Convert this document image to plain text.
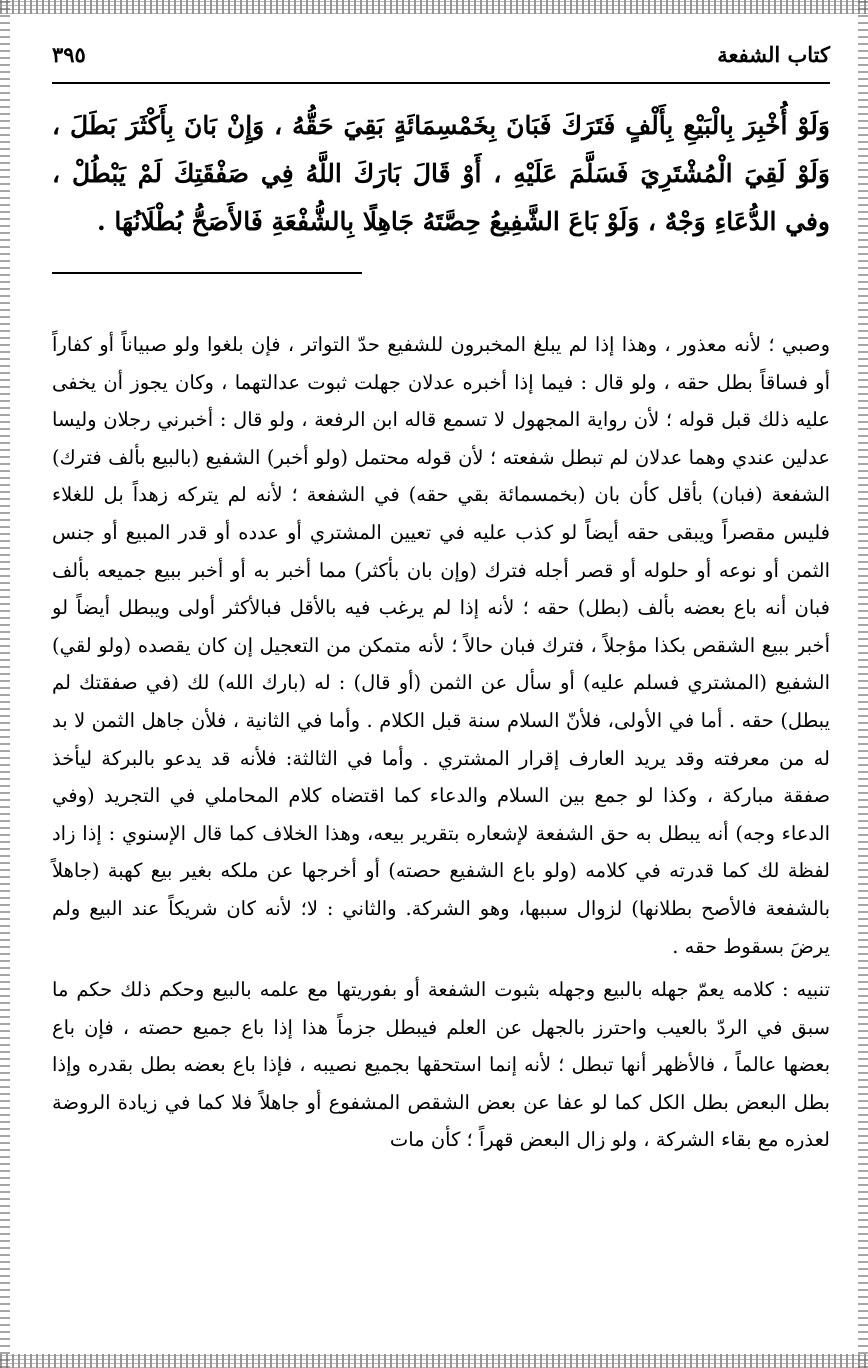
كتاب الشفعة
٣٩٥
وَلَوْ أُخْبِرَ بِالْبَيْعِ بِأَلْفٍ فَتَرَكَ فَبَانَ بِخَمْسِمَائَةٍ بَقِيَ حَقُّهُ ، وَإِنْ بَانَ بِأَكْثَرَ بَطَلَ ، وَلَوْ لَقِيَ الْمُشْتَرِيَ فَسَلَّمَ عَلَيْهِ ، أَوْ قَالَ بَارَكَ اللَّهُ فِي صَفْقَتِكَ لَمْ يَبْطُلْ ، وفي الدُّعَاءِ وَجْهٌ ، وَلَوْ بَاعَ الشَّفِيعُ حِصَّتَهُ جَاهِلًا بِالشُّفْعَةِ فَالأَصَحُّ بُطْلَانُهَا .

وصبي ؛ لأنه معذور ، وهذا إذا لم يبلغ المخبرون للشفيع حدّ التواتر ، فإن بلغوا ولو صبياناً أو كفاراً أو فساقاً بطل حقه ، ولو قال : فيما إذا أخبره عدلان جهلت ثبوت عدالتهما ، وكان يجوز أن يخفى عليه ذلك قبل قوله ؛ لأن رواية المجهول لا تسمع قاله ابن الرفعة ، ولو قال : أخبرني رجلان وليسا عدلين عندي وهما عدلان لم تبطل شفعته ؛ لأن قوله محتمل (ولو أخبر) الشفيع (بالبيع بألف فترك) الشفعة (فبان) بأقل كأن بان (بخمسمائة بقي حقه) في الشفعة ؛ لأنه لم يتركه زهداً بل للغلاء فليس مقصراً ويبقى حقه أيضاً لو كذب عليه في تعيين المشتري أو عدده أو قدر المبيع أو جنس الثمن أو نوعه أو حلوله أو قصر أجله فترك (وإن بان بأكثر) مما أخبر به أو أخبر ببيع جميعه بألف فبان أنه باع بعضه بألف (بطل) حقه ؛ لأنه إذا لم يرغب فيه بالأقل فبالأكثر أولى ويبطل أيضاً لو أخبر ببيع الشقص بكذا مؤجلاً ، فترك فبان حالاً ؛ لأنه متمكن من التعجيل إن كان يقصده (ولو لقي) الشفيع (المشتري فسلم عليه) أو سأل عن الثمن (أو قال) : له (بارك الله) لك (في صفقتك لم يبطل) حقه . أما في الأولى، فلأنّ السلام سنة قبل الكلام . وأما في الثانية ، فلأن جاهل الثمن لا بد له من معرفته وقد يريد العارف إقرار المشتري . وأما في الثالثة: فلأنه قد يدعو بالبركة ليأخذ صفقة مباركة ، وكذا لو جمع بين السلام والدعاء كما اقتضاه كلام المحاملي في التجريد (وفي الدعاء وجه) أنه يبطل به حق الشفعة لإشعاره بتقرير بيعه، وهذا الخلاف كما قال الإسنوي : إذا زاد لفظة لك كما قدرته في كلامه (ولو باع الشفيع حصته) أو أخرجها عن ملكه بغير بيع كهبة (جاهلاً بالشفعة فالأصح بطلانها) لزوال سببها، وهو الشركة. والثاني : لا؛ لأنه كان شريكاً عند البيع ولم يرضَ بسقوط حقه .

تنبيه : كلامه يعمّ جهله بالبيع وجهله بثبوت الشفعة أو بفوريتها مع علمه بالبيع وحكم ذلك حكم ما سبق في الردّ بالعيب واحترز بالجهل عن العلم فيبطل جزماً هذا إذا باع جميع حصته ، فإن باع بعضها عالماً ، فالأظهر أنها تبطل ؛ لأنه إنما استحقها بجميع نصيبه ، فإذا باع بعضه بطل بقدره وإذا بطل البعض بطل الكل كما لو عفا عن بعض الشقص المشفوع أو جاهلاً فلا كما في زيادة الروضة لعذره مع بقاء الشركة ، ولو زال البعض قهراً ؛ كأن مات
